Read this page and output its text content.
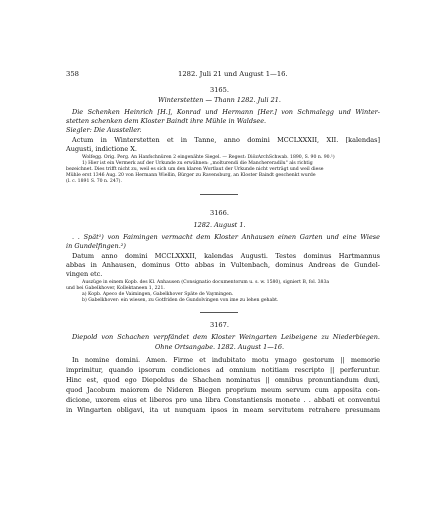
358	1282. Juli 21 und August 1—16.
3165.
Winterstetten — Thann 1282. Juli 21.
Die Schenken Heinrich [H.], Konrad und Hermann [Her.] von Schmalegg und Winter-
stetten schenken dem Kloster Baindt ihre Mühle in Waldsee.
Siegler: Die Aussteller.
Actum in Winterstetten et in Tanne, anno domini MCCLXXXII, XII. [kalendas]
Augusti, indictione X.
Wolfegg. Orig. Perg. An Hanfschnüren 2 eingenähte Siegel. — Regest: DiözArchSchwab. 1890, S. 90 n. 90.¹)
1) Hier ist ein Vermerk auf der Urkunde zu erwähnen: „molturendi die Manchereradilu" als richtig
bezeichnet. Dies trifft nicht zu, weil es sich um den klaren Wortlaut der Urkunde nicht verträgt und weil diese
Mühle erst 1346 Aug. 20 von Hermann Wiellin, Bürger zu Ravensburg, an Kloster Baindt geschenkt wurde
(l. c. 1891 S. 70 n. 247).
3166.
1282. August 1.
. . Spät¹) von Faimingen vermacht dem Kloster Anhausen einen Garten und eine Wiese
in Gundelfingen.²)
Datum anno domini MCCLXXXII, kalendas Augusti. Testes dominus Hartmannus
abbas in Anhausen, dominus Otto abbas in Vultenbach, dominus Andreas de Gundel-
vingen etc.
Auszüge in einem Kopb. des Kl. Anhausen (Consignatio documentorum u. s. w. 1580), signiert B, fol. 383a
und bei Gabelkhover, Kollektaneen 1, 221.
a) Kopb. Apeco de Vaimingen, Gabelkhover Späte de Vaymingen.
b) Gabelkhover: ein wiesen, zu Gotfriden de Gundolvingen von ime zu lehen gehabt.
3167.
Diepold von Schachen verpfändet dem Kloster Weingarten Leibeigene zu Niederbiegen.
Ohne Ortsangabe. 1282. August 1—16.
In nomine domini. Amen. Firme et indubitato motu ymago gestorum || memorie
imprimitur, quando ipsorum condiciones ad omnium notitiam rescripto || perferuntur.
Hinc est, quod ego Diepoldus de Shachen nominatus || omnibus pronuntiandum duxi,
quod Jacobum maiorem de Nideren Biegen proprium meum servum cum apposita con-
dicione, uxorem eius et liberos pro una libra Constantiensis monete . . abbati et conventui
in Wingarten obligavi, ita ut nunquam ipsos in meam servitutem retrahere presumam
